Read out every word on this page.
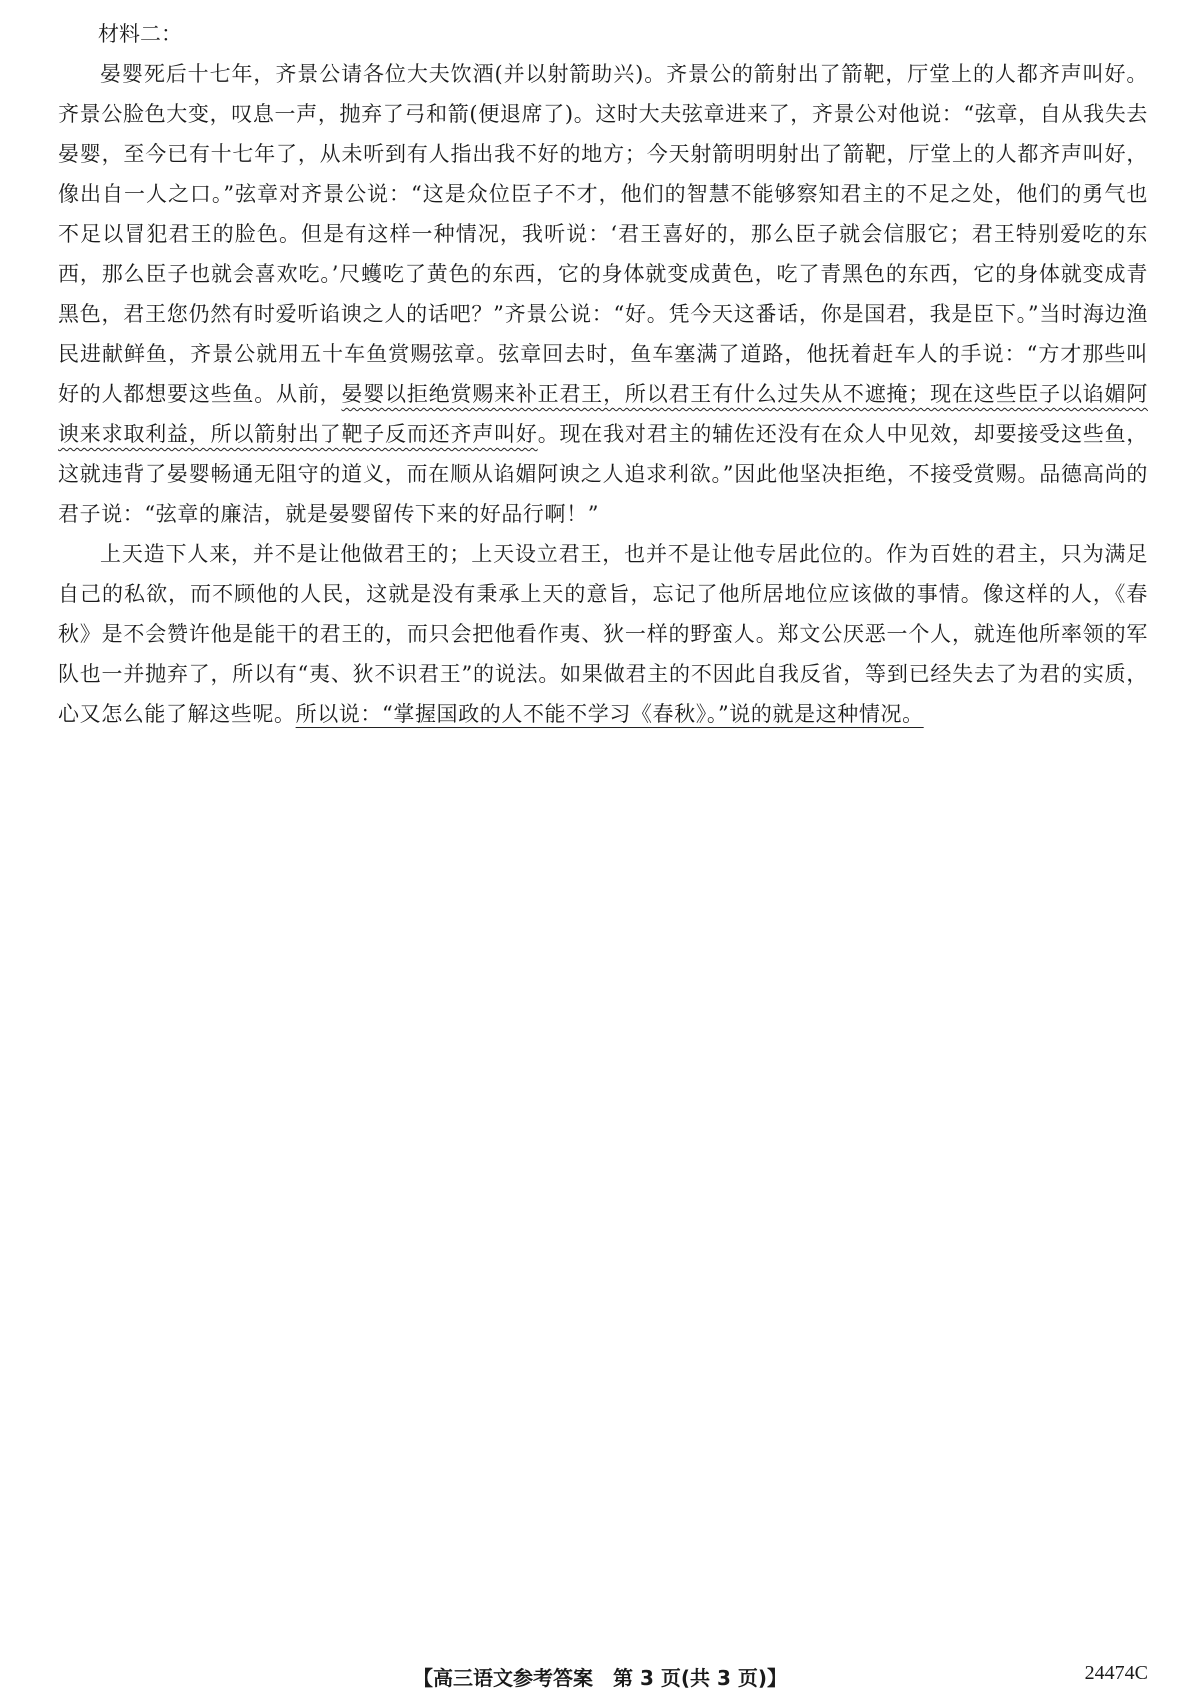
材料二：

晏婴死后十七年，齐景公请各位大夫饮酒(并以射箭助兴)。齐景公的箭射出了箭靶，厅堂上的人都齐声叫好。齐景公脸色大变，叹息一声，抛弃了弓和箭(便退席了)。这时大夫弦章进来了，齐景公对他说：“弦章，自从我失去晏婴，至今已有十七年了，从未听到有人指出我不好的地方；今天射箭明明射出了箭靶，厅堂上的人都齐声叫好，像出自一人之口。”弦章对齐景公说：“这是众位臣子不才，他们的智慧不能够察知君主的不足之处，他们的勇气也不足以冒犯君王的脸色。但是有这样一种情况，我听说：‘君王喜好的，那么臣子就会信服它；君王特别爱吃的东西，那么臣子也就会喜欢吃。’尺蠖吃了黄色的东西，它的身体就变成黄色，吃了青黑色的东西，它的身体就变成青黑色，君王您仍然有时爱听谄谀之人的话吧？”齐景公说：“好。凭今天这番话，你是国君，我是臣下。”当时海边渔民进献鲜鱼，齐景公就用五十车鱼赏赐弦章。弦章回去时，鱼车塞满了道路，他抚着赶车人的手说：“方才那些叫好的人都想要这些鱼。从前，晏婴以拒绝赏赐来补正君王，所以君王有什么过失从不遮掩；现在这些臣子以谄媚阿谀来求取利益，所以箭射出了靶子反而还齐声叫好。现在我对君主的辅佐还没有在众人中见效，却要接受这些鱼，这就违背了晏婴畅通无阻守的道义，而在顺从谄媚阿谀之人追求利欲。”因此他坚决拒绝，不接受赏赐。品德高尚的君子说：“弦章的廉洁，就是晏婴留传下来的好品行啊！”

上天造下人来，并不是让他做君王的；上天设立君王，也并不是让他专居此位的。作为百姓的君主，只为满足自己的私欲，而不顾他的人民，这就是没有秉承上天的意旨，忘记了他所居地位应该做的事情。像这样的人，《春秋》是不会赞许他是能干的君王的，而只会把他看作夷、狄一样的野蛮人。郑文公厌恶一个人，就连他所率领的军队也一并抛弃了，所以有“夷、狄不识君王”的说法。如果做君主的不因此自我反省，等到已经失去了为君的实质，心又怎么能了解这些呢。所以说：“掌握国政的人不能不学习《春秋》。”说的就是这种情况。

【高三语文参考答案　第 3 页(共 3 页)】	24474C
